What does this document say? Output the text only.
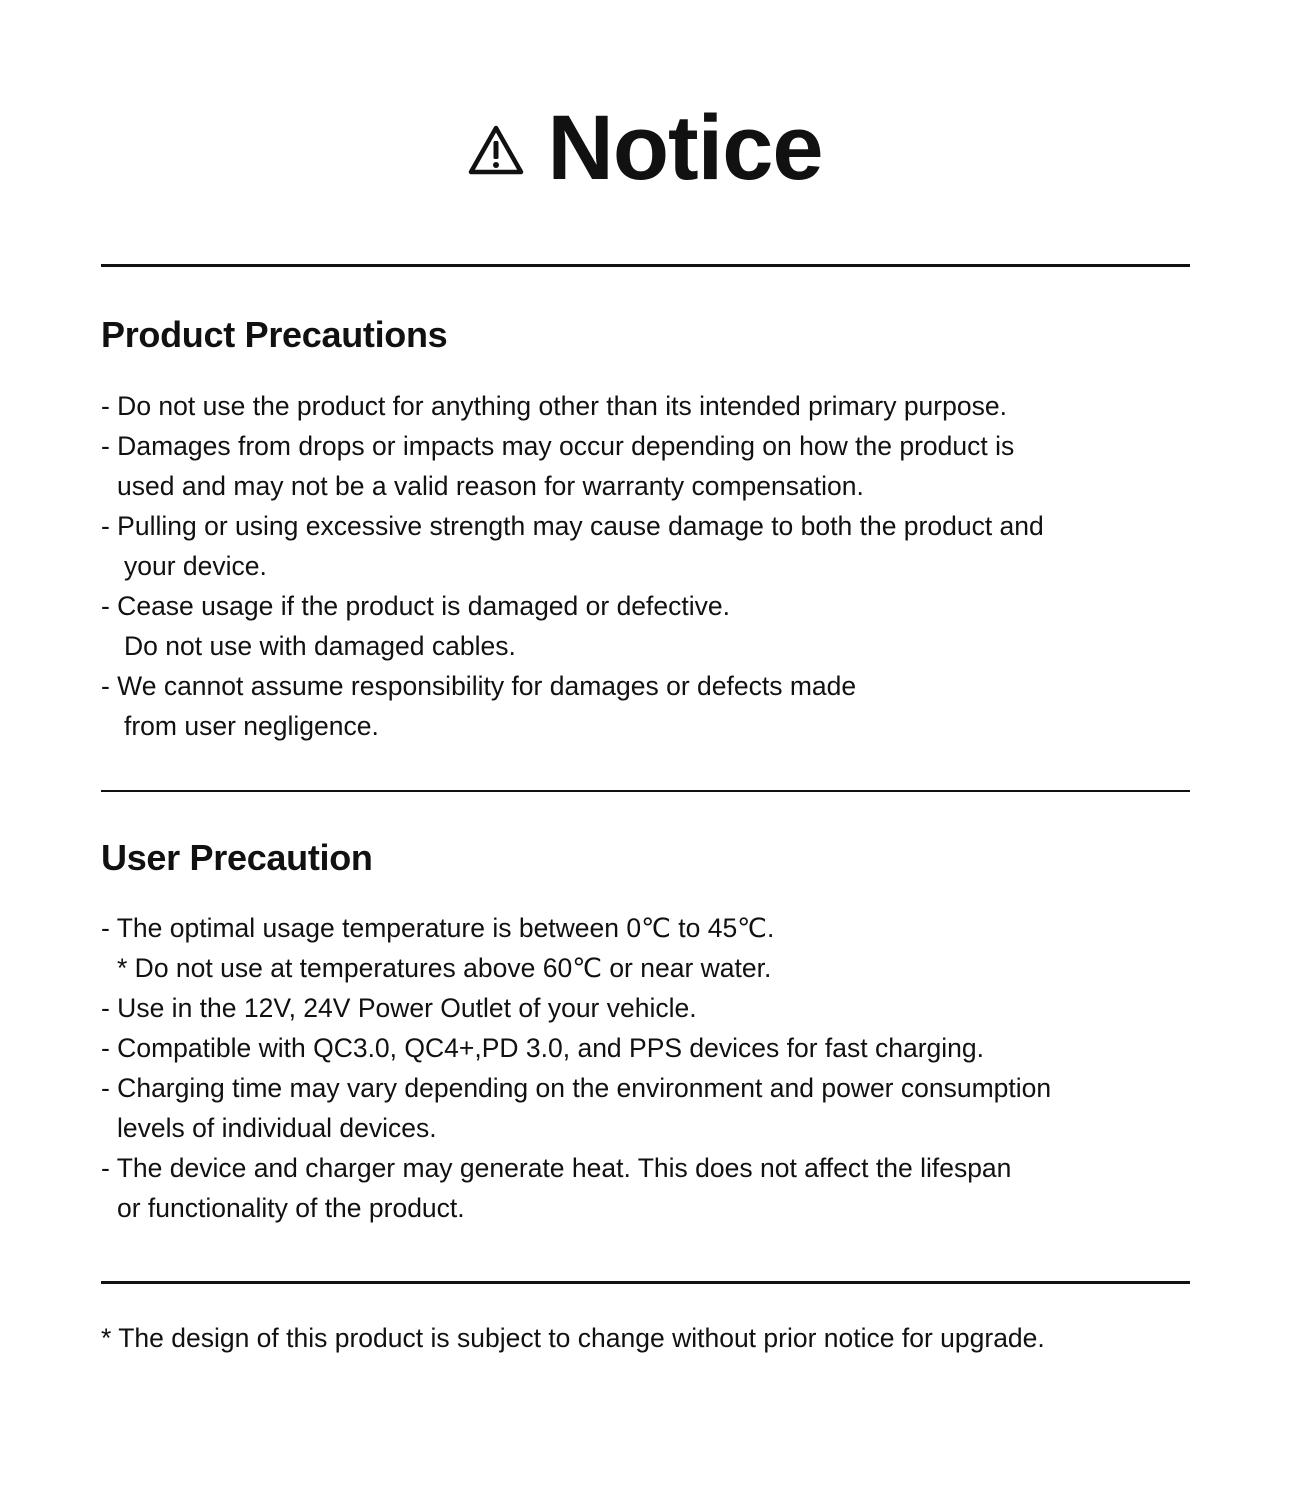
Notice
Product Precautions
- Do not use the product for anything other than its intended primary purpose.
- Damages from drops or impacts may occur depending on how the product is
used and may not be a valid reason for warranty compensation.
- Pulling or using excessive strength may cause damage to both the product and
your device.
- Cease usage if the product is damaged or defective.
Do not use with damaged cables.
- We cannot assume responsibility for damages or defects made
from user negligence.
User Precaution
- The optimal usage temperature is between 0℃ to 45℃.
* Do not use at temperatures above 60℃ or near water.
- Use in the 12V, 24V Power Outlet of your vehicle.
- Compatible with QC3.0, QC4+,PD 3.0, and PPS devices for fast charging.
- Charging time may vary depending on the environment and power consumption
levels of individual devices.
- The device and charger may generate heat. This does not affect the lifespan
or functionality of the product.

* The design of this product is subject to change without prior notice for upgrade.
